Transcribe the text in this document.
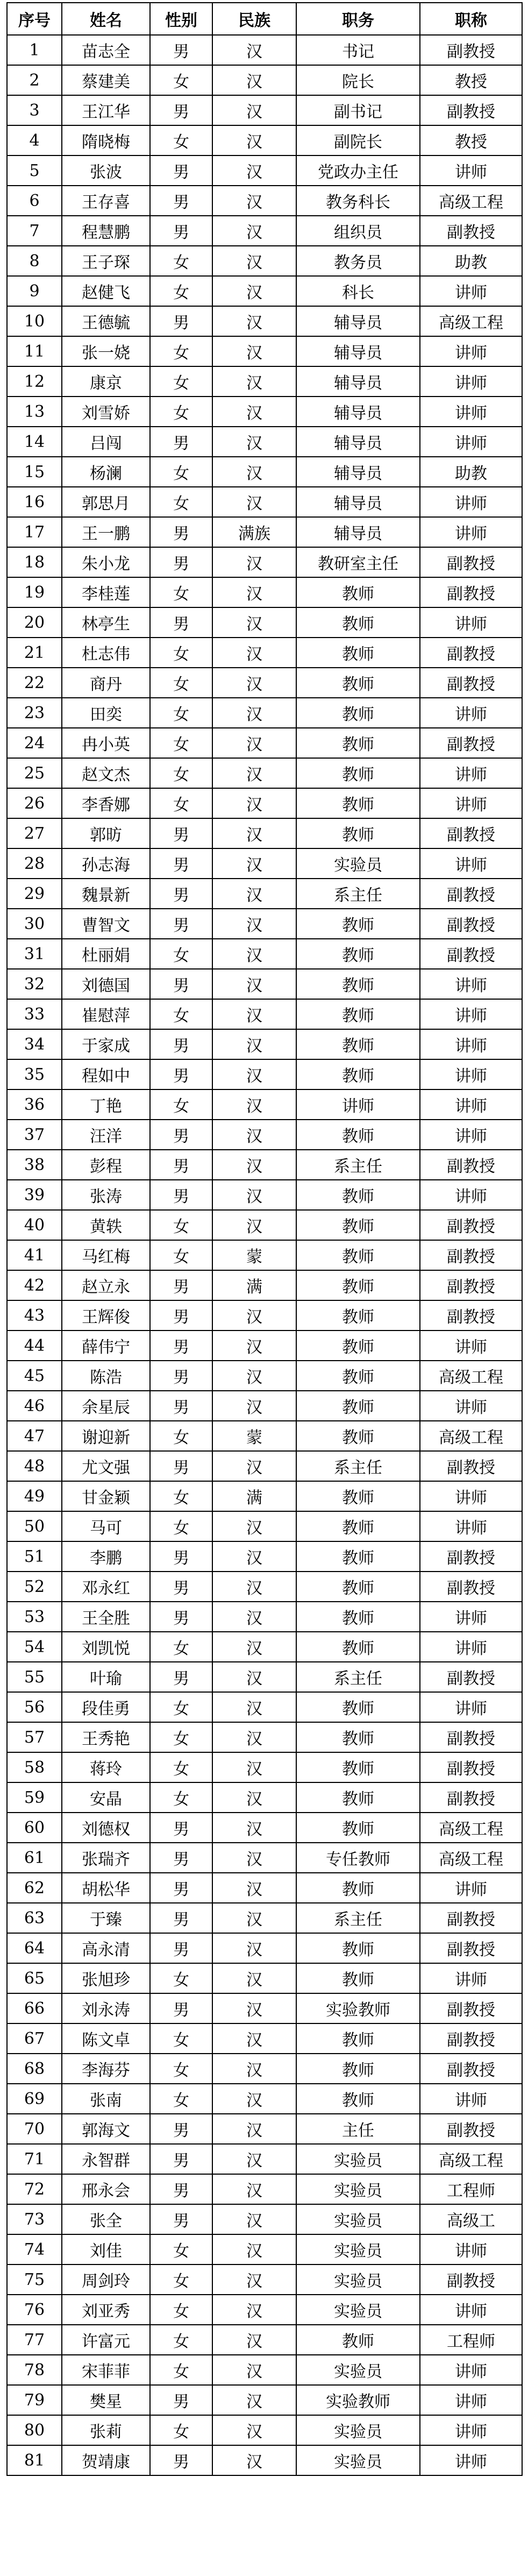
序号	姓名	性别	民族	职务	职称
1	苗志全	男	汉	书记	副教授
2	蔡建美	女	汉	院长	教授
3	王江华	男	汉	副书记	副教授
4	隋晓梅	女	汉	副院长	教授
5	张波	男	汉	党政办主任	讲师
6	王存喜	男	汉	教务科长	高级工程
7	程慧鹏	男	汉	组织员	副教授
8	王子琛	女	汉	教务员	助教
9	赵健飞	女	汉	科长	讲师
10	王德毓	男	汉	辅导员	高级工程
11	张一娆	女	汉	辅导员	讲师
12	康京	女	汉	辅导员	讲师
13	刘雪娇	女	汉	辅导员	讲师
14	吕闯	男	汉	辅导员	讲师
15	杨澜	女	汉	辅导员	助教
16	郭思月	女	汉	辅导员	讲师
17	王一鹏	男	满族	辅导员	讲师
18	朱小龙	男	汉	教研室主任	副教授
19	李桂莲	女	汉	教师	副教授
20	林亭生	男	汉	教师	讲师
21	杜志伟	女	汉	教师	副教授
22	商丹	女	汉	教师	副教授
23	田奕	女	汉	教师	讲师
24	冉小英	女	汉	教师	副教授
25	赵文杰	女	汉	教师	讲师
26	李香娜	女	汉	教师	讲师
27	郭昉	男	汉	教师	副教授
28	孙志海	男	汉	实验员	讲师
29	魏景新	男	汉	系主任	副教授
30	曹智文	男	汉	教师	副教授
31	杜丽娟	女	汉	教师	副教授
32	刘德国	男	汉	教师	讲师
33	崔慰萍	女	汉	教师	讲师
34	于家成	男	汉	教师	讲师
35	程如中	男	汉	教师	讲师
36	丁艳	女	汉	讲师	讲师
37	汪洋	男	汉	教师	讲师
38	彭程	男	汉	系主任	副教授
39	张涛	男	汉	教师	讲师
40	黄轶	女	汉	教师	副教授
41	马红梅	女	蒙	教师	副教授
42	赵立永	男	满	教师	副教授
43	王辉俊	男	汉	教师	副教授
44	薛伟宁	男	汉	教师	讲师
45	陈浩	男	汉	教师	高级工程
46	余星辰	男	汉	教师	讲师
47	谢迎新	女	蒙	教师	高级工程
48	尤文强	男	汉	系主任	副教授
49	甘金颖	女	满	教师	讲师
50	马可	女	汉	教师	讲师
51	李鹏	男	汉	教师	副教授
52	邓永红	男	汉	教师	副教授
53	王全胜	男	汉	教师	讲师
54	刘凯悦	女	汉	教师	讲师
55	叶瑜	男	汉	系主任	副教授
56	段佳勇	女	汉	教师	讲师
57	王秀艳	女	汉	教师	副教授
58	蒋玲	女	汉	教师	副教授
59	安晶	女	汉	教师	副教授
60	刘德权	男	汉	教师	高级工程
61	张瑞齐	男	汉	专任教师	高级工程
62	胡松华	男	汉	教师	讲师
63	于臻	男	汉	系主任	副教授
64	高永清	男	汉	教师	副教授
65	张旭珍	女	汉	教师	讲师
66	刘永涛	男	汉	实验教师	副教授
67	陈文卓	女	汉	教师	副教授
68	李海芬	女	汉	教师	副教授
69	张南	女	汉	教师	讲师
70	郭海文	男	汉	主任	副教授
71	永智群	男	汉	实验员	高级工程
72	邢永会	男	汉	实验员	工程师
73	张全	男	汉	实验员	高级工
74	刘佳	女	汉	实验员	讲师
75	周剑玲	女	汉	实验员	副教授
76	刘亚秀	女	汉	实验员	讲师
77	许富元	女	汉	教师	工程师
78	宋菲菲	女	汉	实验员	讲师
79	樊星	男	汉	实验教师	讲师
80	张莉	女	汉	实验员	讲师
81	贺靖康	男	汉	实验员	讲师
